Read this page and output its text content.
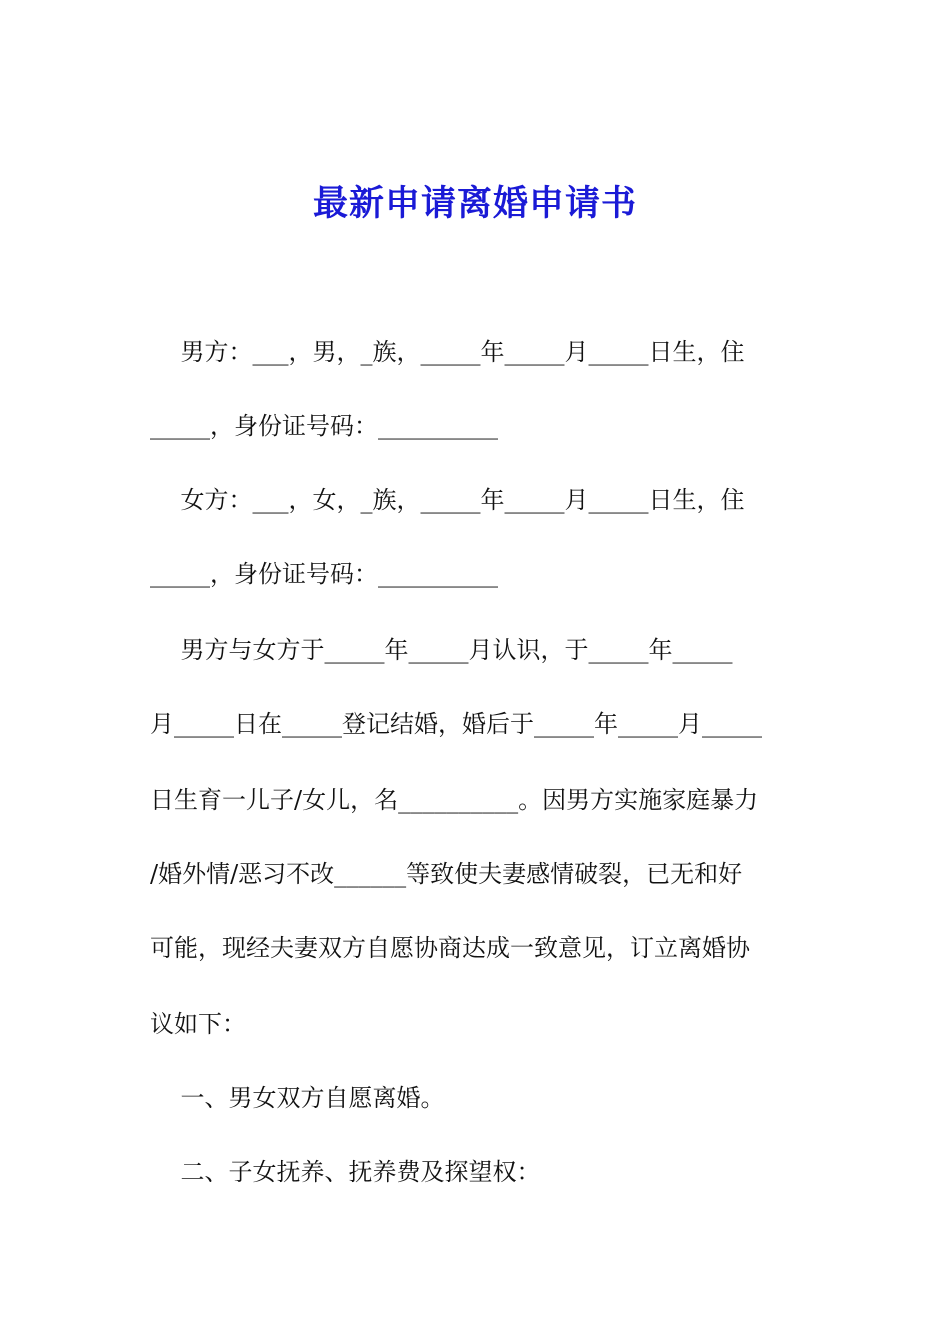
最新申请离婚申请书

男方：___，男，_族，_____年_____月_____日生，住

_____，身份证号码：__________

女方：___，女，_族，_____年_____月_____日生，住

_____，身份证号码：__________

男方与女方于_____年_____月认识，于_____年_____

月_____日在_____登记结婚，婚后于_____年_____月_____

日生育一儿子/女儿，名__________。因男方实施家庭暴力

/婚外情/恶习不改______等致使夫妻感情破裂，已无和好

可能，现经夫妻双方自愿协商达成一致意见，订立离婚协

议如下：

一、男女双方自愿离婚。

二、子女抚养、抚养费及探望权：
